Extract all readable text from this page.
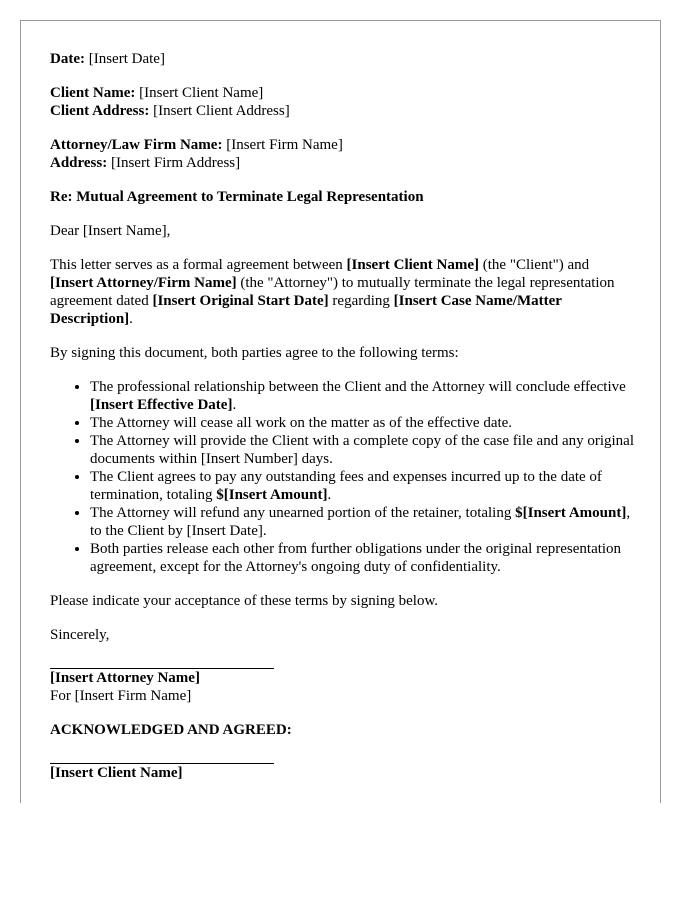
Date: [Insert Date]

Client Name: [Insert Client Name]

Client Address: [Insert Client Address]

Attorney/Law Firm Name: [Insert Firm Name]

Address: [Insert Firm Address]

Re: Mutual Agreement to Terminate Legal Representation

Dear [Insert Name],

This letter serves as a formal agreement between [Insert Client Name] (the "Client") and [Insert Attorney/Firm Name] (the "Attorney") to mutually terminate the legal representation agreement dated [Insert Original Start Date] regarding [Insert Case Name/Matter Description].

By signing this document, both parties agree to the following terms:

• The professional relationship between the Client and the Attorney will conclude effective [Insert Effective Date].
• The Attorney will cease all work on the matter as of the effective date.
• The Attorney will provide the Client with a complete copy of the case file and any original documents within [Insert Number] days.
• The Client agrees to pay any outstanding fees and expenses incurred up to the date of termination, totaling $[Insert Amount].
• The Attorney will refund any unearned portion of the retainer, totaling $[Insert Amount], to the Client by [Insert Date].
• Both parties release each other from further obligations under the original representation agreement, except for the Attorney's ongoing duty of confidentiality.

Please indicate your acceptance of these terms by signing below.

Sincerely,

[Insert Attorney Name]

For [Insert Firm Name]

ACKNOWLEDGED AND AGREED:

[Insert Client Name]
